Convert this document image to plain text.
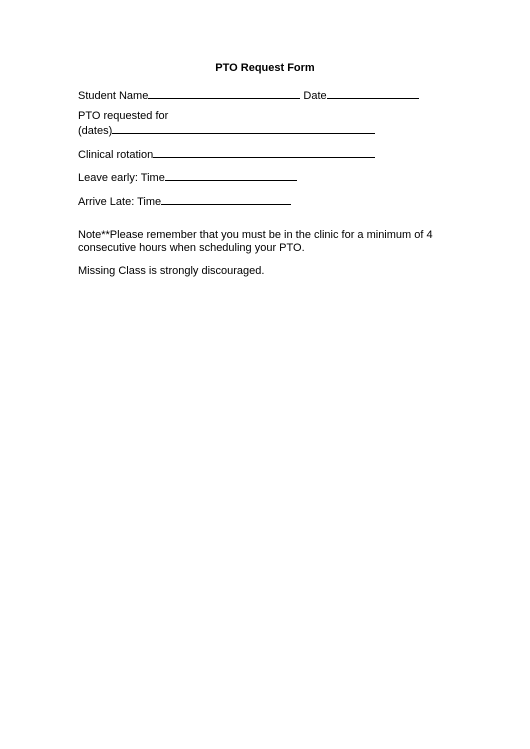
PTO Request Form
Student Name	Date
PTO requested for
(dates)
Clinical rotation
Leave early: Time
Arrive Late: Time
Note**Please remember that you must be in the clinic for a minimum of 4 consecutive hours when scheduling your PTO.
Missing Class is strongly discouraged.
